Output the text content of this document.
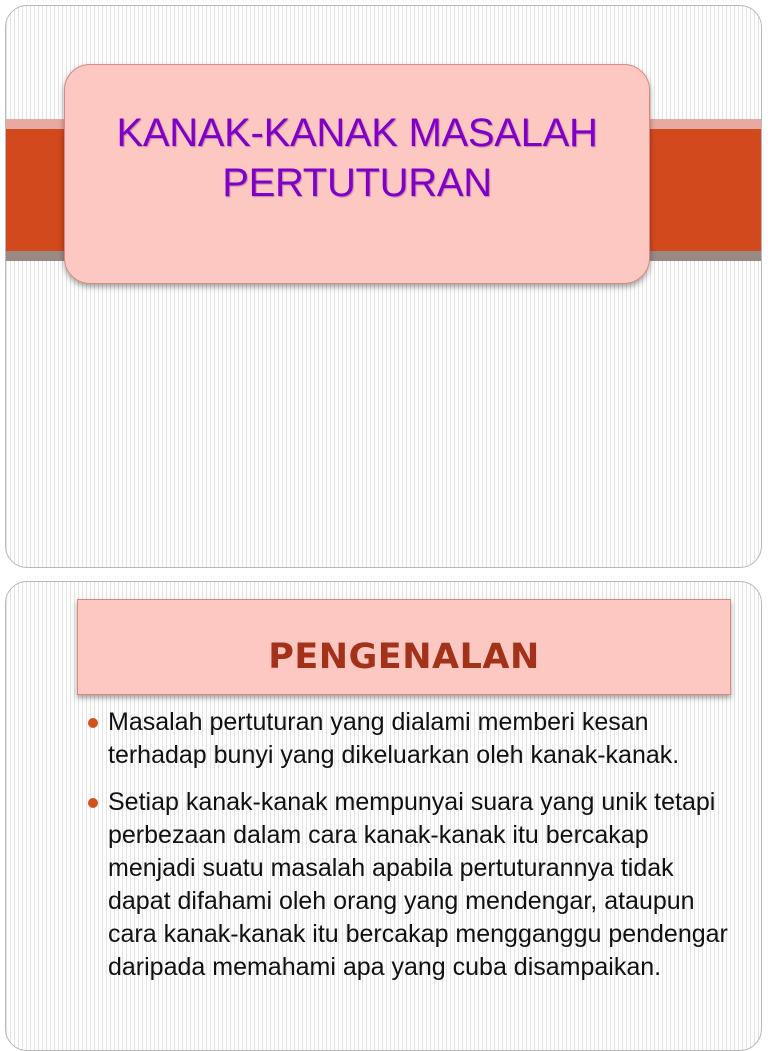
KANAK-KANAK MASALAH
PERTUTURAN
PENGENALAN
Masalah pertuturan yang dialami memberi kesan terhadap bunyi yang dikeluarkan oleh kanak-kanak.
Setiap kanak-kanak mempunyai suara yang unik tetapi perbezaan dalam cara kanak-kanak itu bercakap menjadi suatu masalah apabila pertuturannya tidak dapat difahami oleh orang yang mendengar, ataupun cara kanak-kanak itu bercakap mengganggu pendengar daripada memahami apa yang cuba disampaikan.
